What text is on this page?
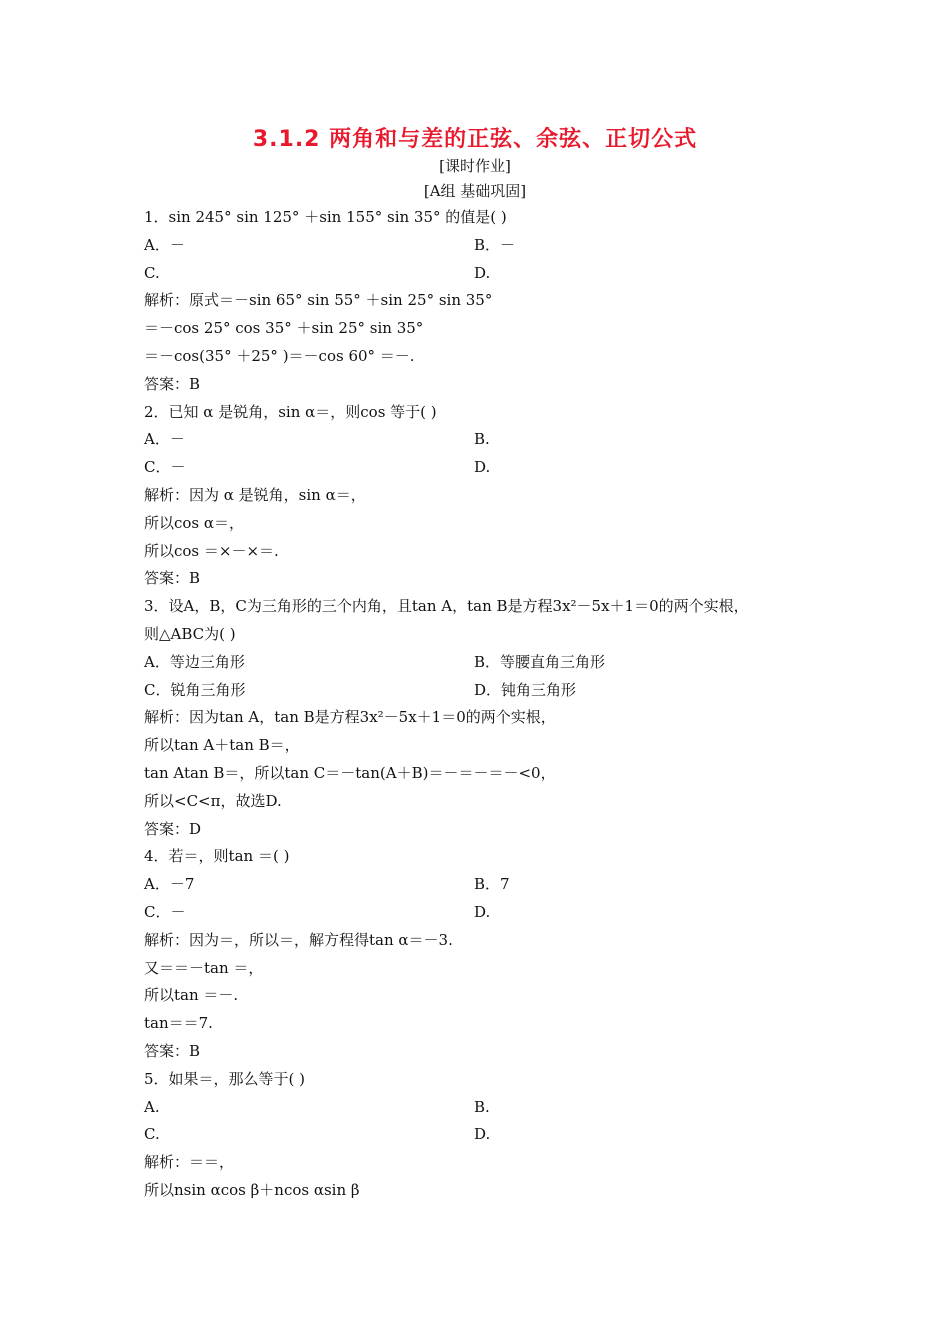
3.1.2 两角和与差的正弦、余弦、正切公式
[课时作业]
[A组 基础巩固]
1．sin 245° sin 125° ＋sin 155° sin 35° 的值是( )
A．－	B．－
C.	D.
解析：原式＝－sin 65° sin 55° ＋sin 25° sin 35°
＝－cos 25° cos 35° ＋sin 25° sin 35°
＝－cos(35° ＋25° )＝－cos 60° ＝－.
答案：B
2．已知 α 是锐角，sin α＝，则cos 等于( )
A．－	B.
C．－	D.
解析：因为 α 是锐角，sin α＝，
所以cos α＝，
所以cos ＝×－×＝.
答案：B
3．设A，B，C为三角形的三个内角，且tan A，tan B是方程3x²－5x＋1＝0的两个实根，
则△ABC为( )
A．等边三角形	B．等腰直角三角形
C．锐角三角形	D．钝角三角形
解析：因为tan A，tan B是方程3x²－5x＋1＝0的两个实根，
所以tan A＋tan B＝，
tan Atan B＝，所以tan C＝－tan(A＋B)＝－＝－＝－<0，
所以<C<π，故选D.
答案：D
4．若＝，则tan ＝( )
A．－7	B．7
C．－	D.
解析：因为＝，所以＝，解方程得tan α＝－3.
又＝＝－tan ＝，
所以tan ＝－.
tan＝＝7.
答案：B
5．如果＝，那么等于( )
A.	B.
C.	D.
解析：＝＝，
所以nsin αcos β＋ncos αsin β
